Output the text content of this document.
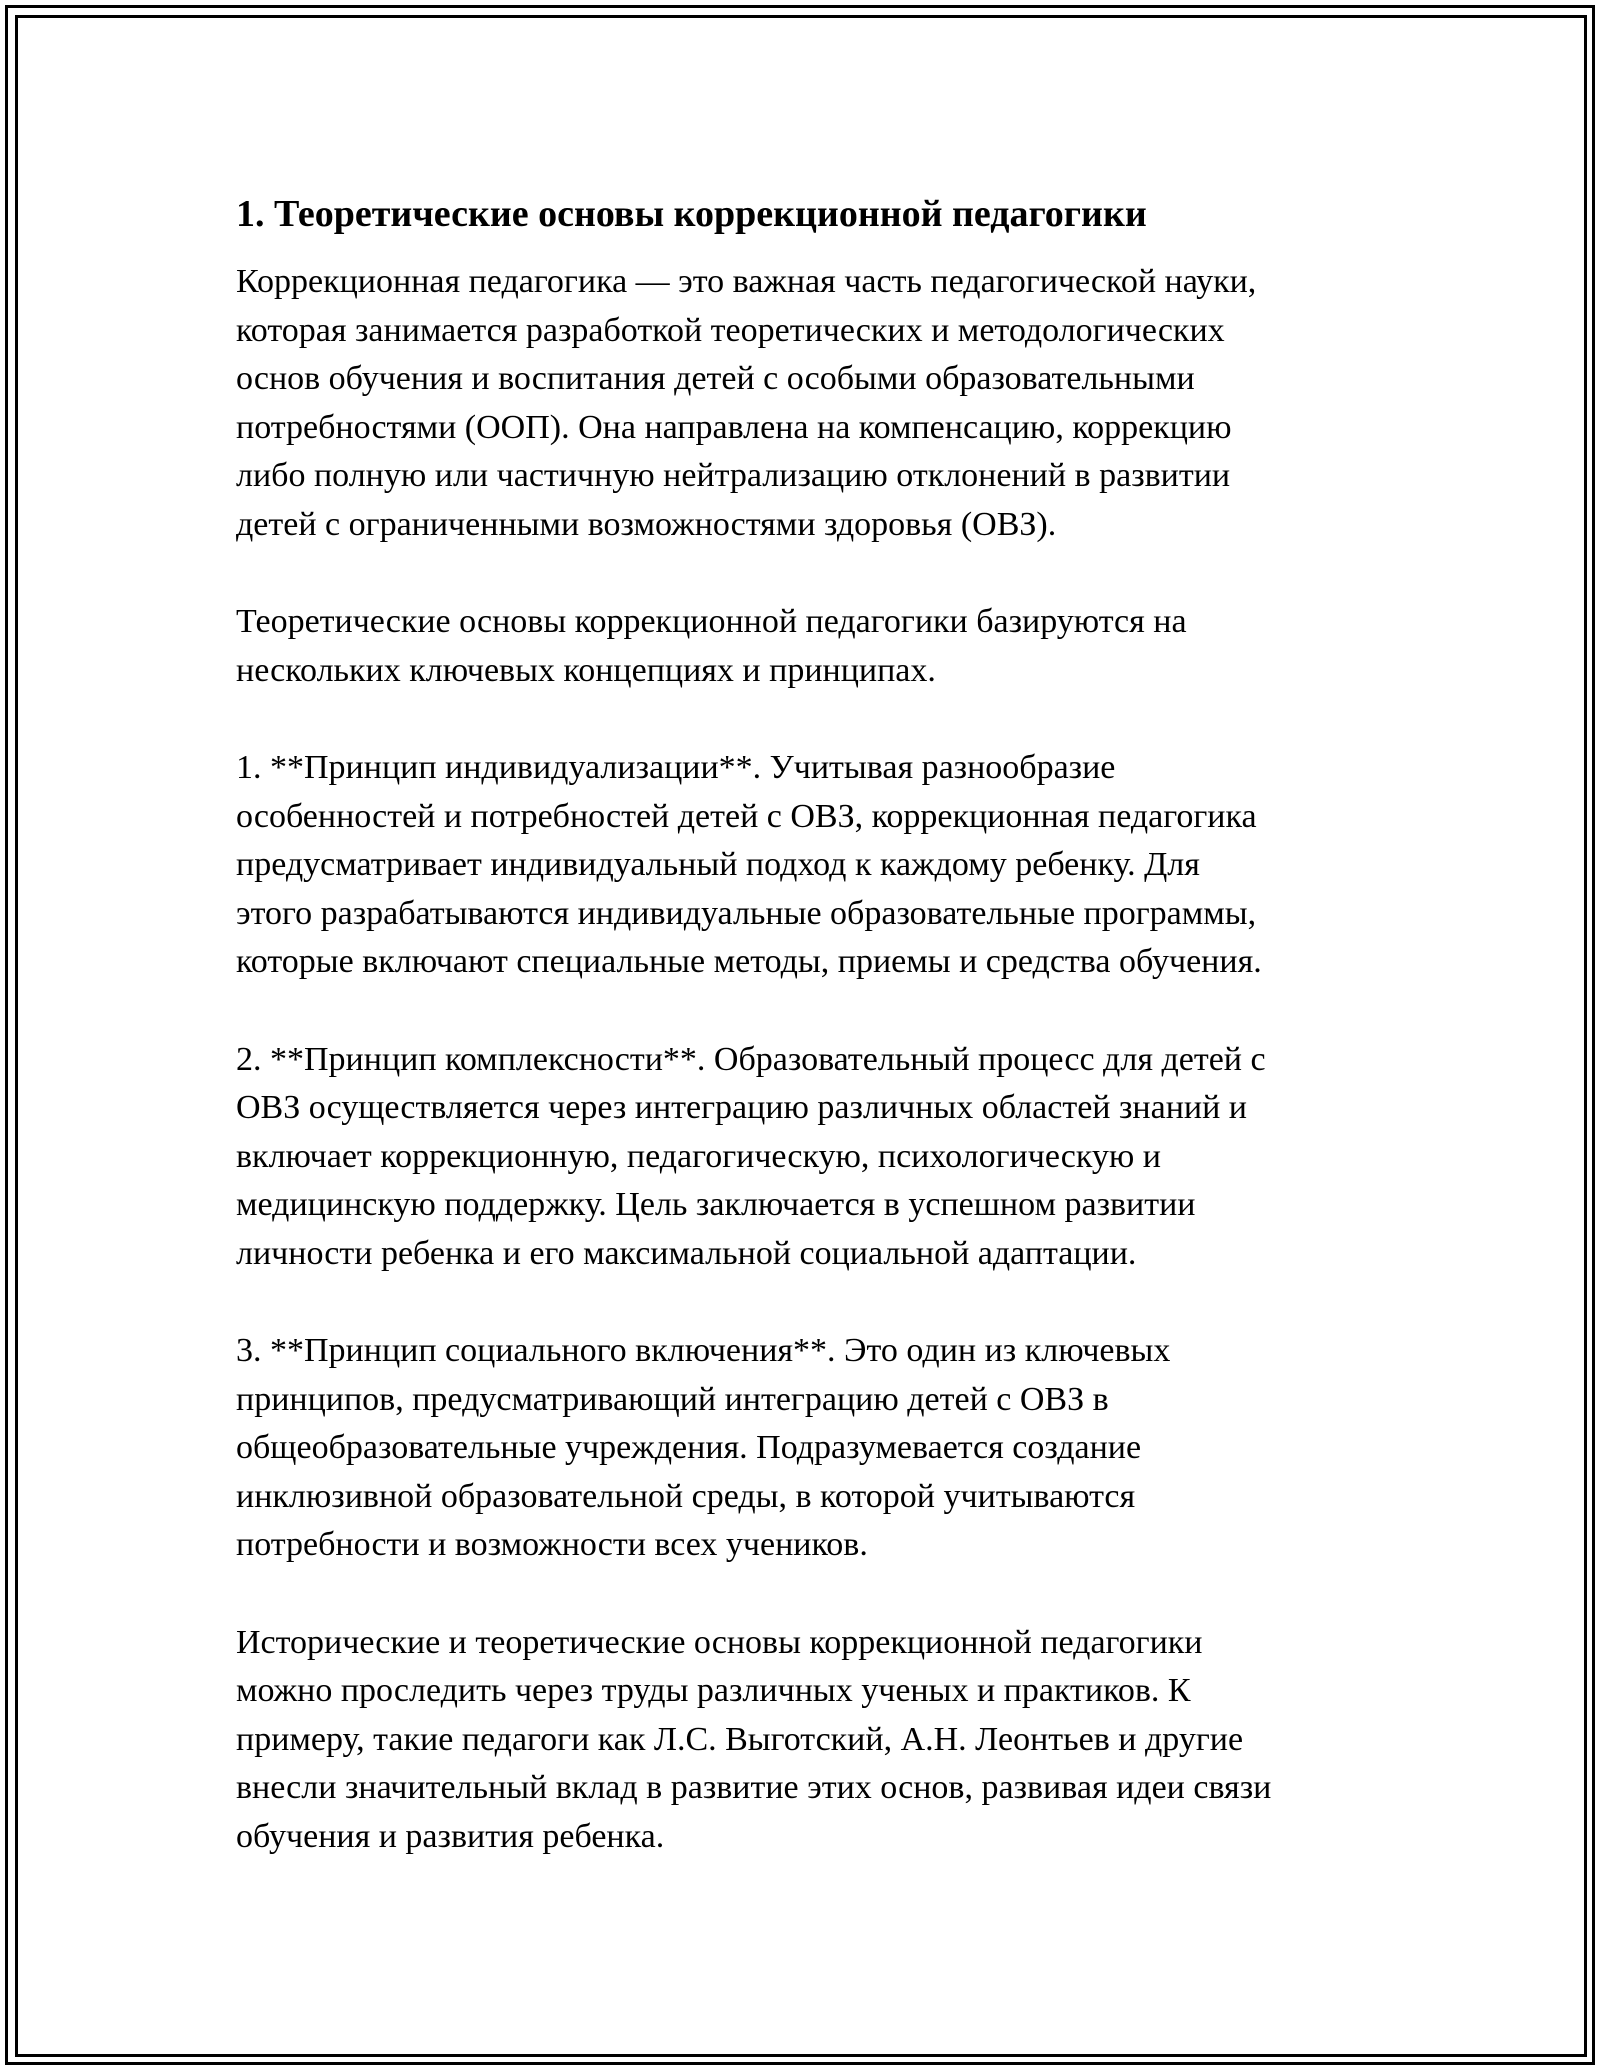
1. Теоретические основы коррекционной педагогики
Коррекционная педагогика — это важная часть педагогической науки,
которая занимается разработкой теоретических и методологических
основ обучения и воспитания детей с особыми образовательными
потребностями (ООП). Она направлена на компенсацию, коррекцию
либо полную или частичную нейтрализацию отклонений в развитии
детей с ограниченными возможностями здоровья (ОВЗ).
Теоретические основы коррекционной педагогики базируются на
нескольких ключевых концепциях и принципах.
1. **Принцип индивидуализации**. Учитывая разнообразие
особенностей и потребностей детей с ОВЗ, коррекционная педагогика
предусматривает индивидуальный подход к каждому ребенку. Для
этого разрабатываются индивидуальные образовательные программы,
которые включают специальные методы, приемы и средства обучения.
2. **Принцип комплексности**. Образовательный процесс для детей с
ОВЗ осуществляется через интеграцию различных областей знаний и
включает коррекционную, педагогическую, психологическую и
медицинскую поддержку. Цель заключается в успешном развитии
личности ребенка и его максимальной социальной адаптации.
3. **Принцип социального включения**. Это один из ключевых
принципов, предусматривающий интеграцию детей с ОВЗ в
общеобразовательные учреждения. Подразумевается создание
инклюзивной образовательной среды, в которой учитываются
потребности и возможности всех учеников.
Исторические и теоретические основы коррекционной педагогики
можно проследить через труды различных ученых и практиков. К
примеру, такие педагоги как Л.С. Выготский, А.Н. Леонтьев и другие
внесли значительный вклад в развитие этих основ, развивая идеи связи
обучения и развития ребенка.
